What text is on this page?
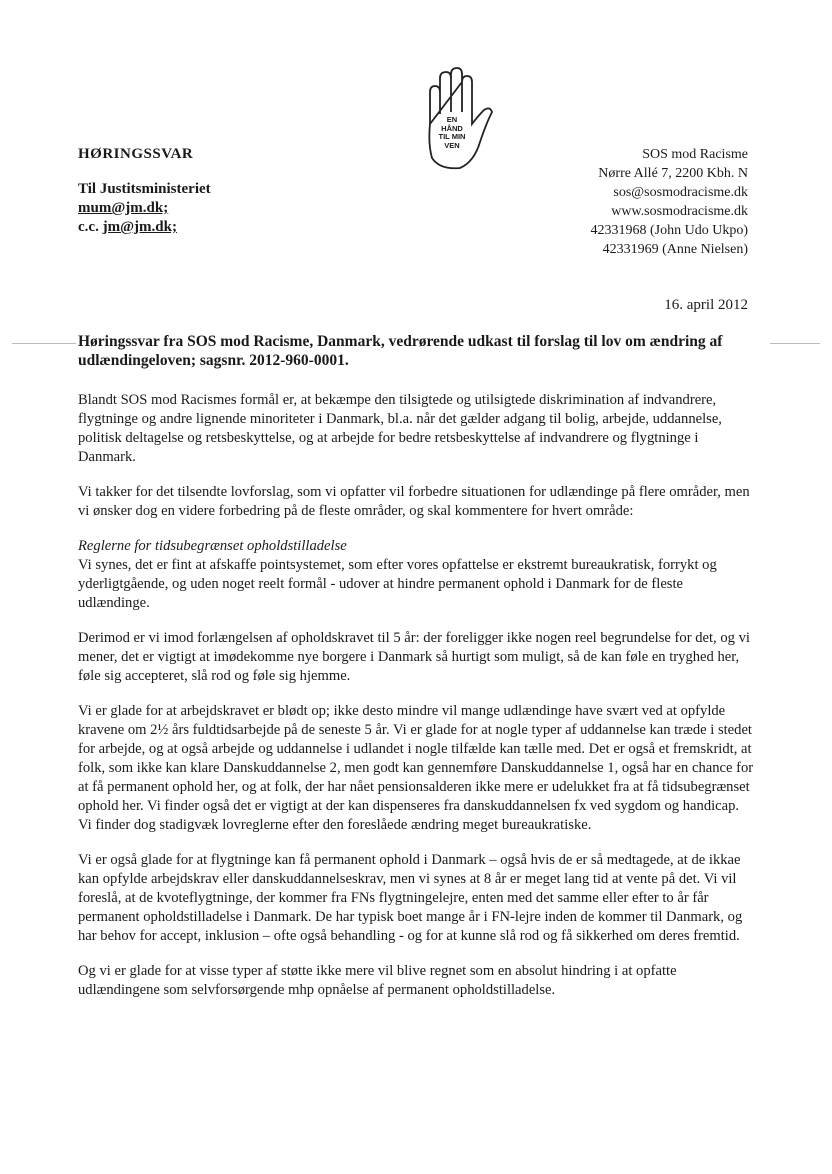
EN
HÅND
TIL MIN
VEN
HØRINGSSVAR
Til Justitsministeriet
mum@jm.dk;
c.c. jm@jm.dk;
SOS mod Racisme
Nørre Allé 7, 2200 Kbh. N
sos@sosmodracisme.dk
www.sosmodracisme.dk
42331968 (John Udo Ukpo)
42331969 (Anne Nielsen)
16. april 2012
Høringssvar fra SOS mod Racisme, Danmark, vedrørende udkast til forslag til lov om ændring af udlændingeloven; sagsnr. 2012-960-0001.

Blandt SOS mod Racismes formål er, at bekæmpe den tilsigtede og utilsigtede diskrimination af indvandrere, flygtninge og andre lignende minoriteter i Danmark, bl.a. når det gælder adgang til bolig, arbejde, uddannelse, politisk deltagelse og retsbeskyttelse, og at arbejde for bedre retsbeskyttelse af indvandrere og flygtninge i Danmark.

Vi takker for det tilsendte lovforslag, som vi opfatter vil forbedre situationen for udlændinge på flere områder, men vi ønsker dog en videre forbedring på de fleste områder, og skal kommentere for hvert område:

Reglerne for tidsubegrænset opholdstilladelse

Vi synes, det er fint at afskaffe pointsystemet, som efter vores opfattelse er ekstremt bureaukratisk, forrykt og yderligtgående, og uden noget reelt formål - udover at hindre permanent ophold i Danmark for de fleste udlændinge.

Derimod er vi imod forlængelsen af opholdskravet til 5 år: der foreligger ikke nogen reel begrundelse for det, og vi mener, det er vigtigt at imødekomme nye borgere i Danmark så hurtigt som muligt, så de kan føle en tryghed her, føle sig accepteret, slå rod og føle sig hjemme.

Vi er glade for at arbejdskravet er blødt op; ikke desto mindre vil mange udlændinge have svært ved at opfylde kravene om 2½ års fuldtidsarbejde på de seneste 5 år. Vi er glade for at nogle typer af uddannelse kan træde i stedet for arbejde, og at også arbejde og uddannelse i udlandet i nogle tilfælde kan tælle med. Det er også et fremskridt, at folk, som ikke kan klare Danskuddannelse 2, men godt kan gennemføre Danskuddannelse 1, også har en chance for at få permanent ophold her, og at folk, der har nået pensionsalderen ikke mere er udelukket fra at få tidsubegrænset ophold her. Vi finder også det er vigtigt at der kan dispenseres fra danskuddannelsen fx ved sygdom og handicap.

Vi finder dog stadigvæk lovreglerne efter den foreslåede ændring meget bureaukratiske.

Vi er også glade for at flygtninge kan få permanent ophold i Danmark – også hvis de er så medtagede, at de ikkae kan opfylde arbejdskrav eller danskuddannelseskrav, men vi synes at 8 år er meget lang tid at vente på det. Vi vil foreslå, at de kvoteflygtninge, der kommer fra FNs flygtningelejre, enten med det samme eller efter to år får permanent opholdstilladelse i Danmark. De har typisk boet mange år i FN-lejre inden de kommer til Danmark, og har behov for accept, inklusion – ofte også behandling - og for at kunne slå rod og få sikkerhed om deres fremtid.

Og vi er glade for at visse typer af støtte ikke mere vil blive regnet som en absolut hindring i at opfatte udlændingene som selvforsørgende mhp opnåelse af permanent opholdstilladelse.
